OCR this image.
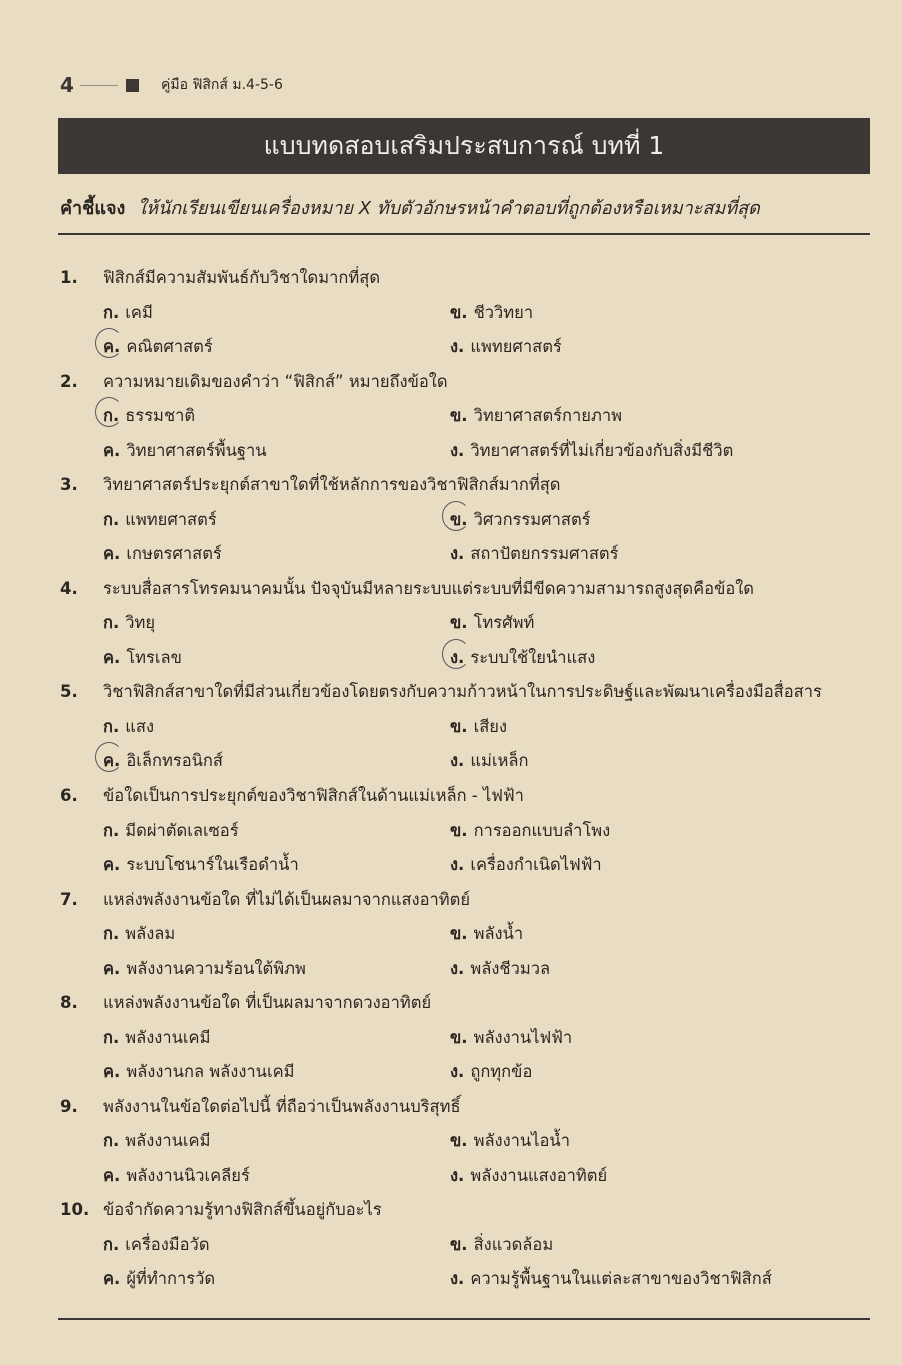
4	คู่มือ ฟิสิกส์ ม.4-5-6
แบบทดสอบเสริมประสบการณ์ บทที่ 1
คำชี้แจง ให้นักเรียนเขียนเครื่องหมาย X ทับตัวอักษรหน้าคำตอบที่ถูกต้องหรือเหมาะสมที่สุด
1. ฟิสิกส์มีความสัมพันธ์กับวิชาใดมากที่สุด
ก. เคมี	ข. ชีววิทยา
ค. คณิตศาสตร์	ง. แพทยศาสตร์
2. ความหมายเดิมของคำว่า “ฟิสิกส์” หมายถึงข้อใด
ก. ธรรมชาติ	ข. วิทยาศาสตร์กายภาพ
ค. วิทยาศาสตร์พื้นฐาน	ง. วิทยาศาสตร์ที่ไม่เกี่ยวข้องกับสิ่งมีชีวิต
3. วิทยาศาสตร์ประยุกต์สาขาใดที่ใช้หลักการของวิชาฟิสิกส์มากที่สุด
ก. แพทยศาสตร์	ข. วิศวกรรมศาสตร์
ค. เกษตรศาสตร์	ง. สถาปัตยกรรมศาสตร์
4. ระบบสื่อสารโทรคมนาคมนั้น ปัจจุบันมีหลายระบบแต่ระบบที่มีขีดความสามารถสูงสุดคือข้อใด
ก. วิทยุ	ข. โทรศัพท์
ค. โทรเลข	ง. ระบบใช้ใยนำแสง
5. วิชาฟิสิกส์สาขาใดที่มีส่วนเกี่ยวข้องโดยตรงกับความก้าวหน้าในการประดิษฐ์และพัฒนาเครื่องมือสื่อสาร
ก. แสง	ข. เสียง
ค. อิเล็กทรอนิกส์	ง. แม่เหล็ก
6. ข้อใดเป็นการประยุกต์ของวิชาฟิสิกส์ในด้านแม่เหล็ก - ไฟฟ้า
ก. มีดผ่าตัดเลเซอร์	ข. การออกแบบลำโพง
ค. ระบบโซนาร์ในเรือดำน้ำ	ง. เครื่องกำเนิดไฟฟ้า
7. แหล่งพลังงานข้อใด ที่ไม่ได้เป็นผลมาจากแสงอาทิตย์
ก. พลังลม	ข. พลังน้ำ
ค. พลังงานความร้อนใต้พิภพ	ง. พลังชีวมวล
8. แหล่งพลังงานข้อใด ที่เป็นผลมาจากดวงอาทิตย์
ก. พลังงานเคมี	ข. พลังงานไฟฟ้า
ค. พลังงานกล พลังงานเคมี	ง. ถูกทุกข้อ
9. พลังงานในข้อใดต่อไปนี้ ที่ถือว่าเป็นพลังงานบริสุทธิ์
ก. พลังงานเคมี	ข. พลังงานไอน้ำ
ค. พลังงานนิวเคลียร์	ง. พลังงานแสงอาทิตย์
10. ข้อจำกัดความรู้ทางฟิสิกส์ขึ้นอยู่กับอะไร
ก. เครื่องมือวัด	ข. สิ่งแวดล้อม
ค. ผู้ที่ทำการวัด	ง. ความรู้พื้นฐานในแต่ละสาขาของวิชาฟิสิกส์
